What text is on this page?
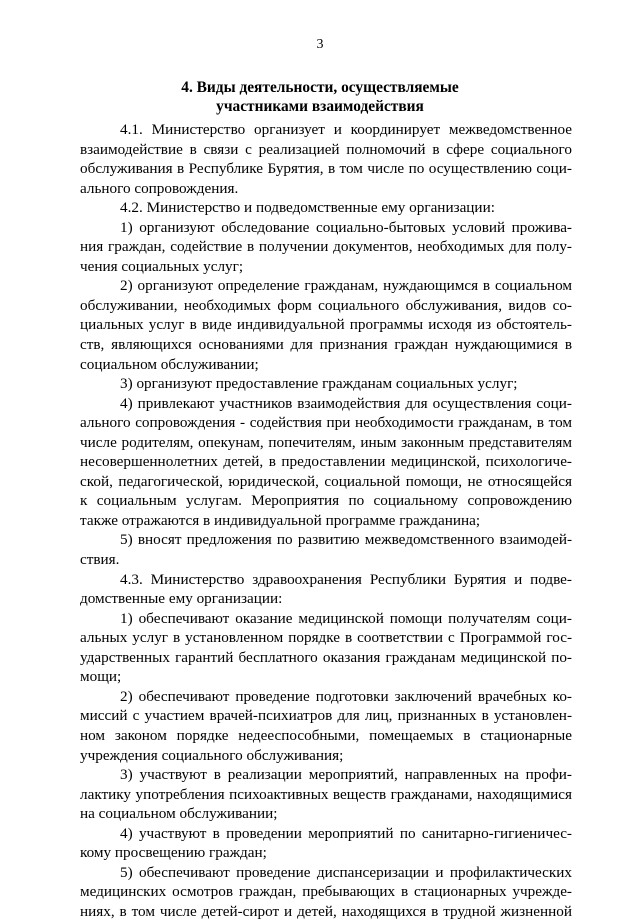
3
4. Виды деятельности, осуществляемые
участниками взаимодействия
4.1. Министерство организует и координирует межведомственное
взаимодействие в связи с реализацией полномочий в сфере социального
обслуживания в Республике Бурятия, в том числе по осуществлению соци-
ального сопровождения.
4.2. Министерство и подведомственные ему организации:
1) организуют обследование социально-бытовых условий прожива-
ния граждан, содействие в получении документов, необходимых для полу-
чения социальных услуг;
2) организуют определение гражданам, нуждающимся в социальном
обслуживании, необходимых форм социального обслуживания, видов со-
циальных услуг в виде индивидуальной программы исходя из обстоятель-
ств, являющихся основаниями для признания граждан нуждающимися в
социальном обслуживании;
3) организуют предоставление гражданам социальных услуг;
4) привлекают участников взаимодействия для осуществления соци-
ального сопровождения - содействия при необходимости гражданам, в том
числе родителям, опекунам, попечителям, иным законным представителям
несовершеннолетних детей, в предоставлении медицинской, психологиче-
ской, педагогической, юридической, социальной помощи, не относящейся
к социальным услугам. Мероприятия по социальному сопровождению
также отражаются в индивидуальной программе гражданина;
5) вносят предложения по развитию межведомственного взаимодей-
ствия.
4.3. Министерство здравоохранения Республики Бурятия и подве-
домственные ему организации:
1) обеспечивают оказание медицинской помощи получателям соци-
альных услуг в установленном порядке в соответствии с Программой гос-
ударственных гарантий бесплатного оказания гражданам медицинской по-
мощи;
2) обеспечивают проведение подготовки заключений врачебных ко-
миссий с участием врачей-психиатров для лиц, признанных в установлен-
ном законом порядке недееспособными, помещаемых в стационарные
учреждения социального обслуживания;
3) участвуют в реализации мероприятий, направленных на профи-
лактику употребления психоактивных веществ гражданами, находящимися
на социальном обслуживании;
4) участвуют в проведении мероприятий по санитарно-гигиеничес-
кому просвещению граждан;
5) обеспечивают проведение диспансеризации и профилактических
медицинских осмотров граждан, пребывающих в стационарных учрежде-
ниях, в том числе детей-сирот и детей, находящихся в трудной жизненной
